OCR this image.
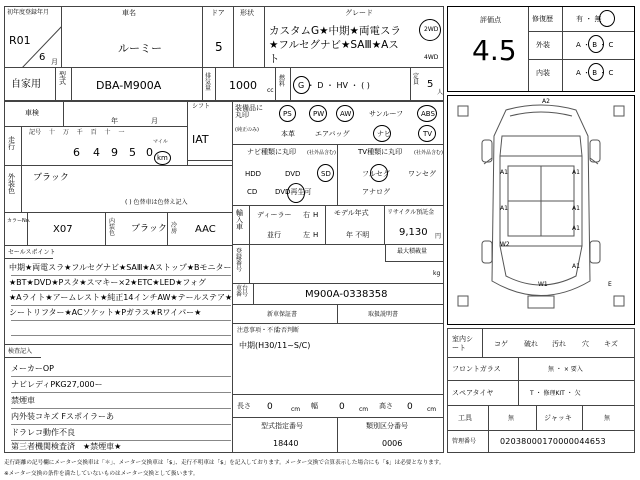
初年度登録年月
R01
6 月
車名
ルーミー
ドア
5
形状	グレード
カスタムG★中期★両電スラ★フルセグナビ★SAⅢ★Aスト
2WD
4WD
自家用
型式	DBA-M900A
排気量 1000 cc
燃料 G ・ D ・ HV ・ ( )
定員 5
人
評価点
4.5
修復歴	有 ・ 無
外装	A ・ B ・ C
内装	A ・ B ・ C
車検
年	月
シフト
IAT
走行
記号 十 万 千 百 十 一
6 4 9 5 0
マイル
km
外装色
ブラック
( ) 色替車は色替え記入
カラーNo.
X07
内装色 ブラック 冷房 AAC
装備品に丸印
(純正のみ)
PS	PW AW	サンルーフ	ABS
本革	エアバッグ	ナビ	TV
ナビ種類に丸印 (社外品含む)
HDD	DVD	SD
CD	DVD再生可
TV種類に丸印 (社外品含む)
フルセグ	ワンセグ
アナログ
輸入車
ディーラー
並行
右 H
左 H
モデル年式
年 不明
リサイクル預託金
9,130 円
登録番号
最大積載量
kg
車台番号	M900A-0338358
新車保証書	取扱説明書
注意事項・不良
合否判断
中期(H30/11~S/C)
セールスポイント
中期★両電スラ★フルセグナビ★SAⅢ★Aストップ★Bモニター
★BT★DVD★Pスタ★スマキー×2★ETC★LED★フォグ
★Aライト★アームレスト★純正14インチAW★テールステア★
シートリフター★ACソケット★Pガラス★Rワイパー★
検査記入
メーカーOP
ナビレディPKG27,000ー
禁煙車
内外装コキズ Fスポイラーあ
ドラレコ動作不良
第三者機関検査済　★禁煙車★
長さ 0	cm 幅 0 cm 高さ 0 cm
型式指定番号
18440
類別区分番号
0006
A2
A1	A1
A1	A1
A1
W2
A1
W1	E
室内シート
コゲ 破れ 汚れ 穴 キズ
フロントガラス	無 ・ × 要入
スペアタイヤ	T ・ 修理KIT ・ 欠
工具	無	ジャッキ	無
管理番号	02038000170000044653
走行距離の記号欄にメーター交換車は「＊」、メーター交換車は「$」、走行不明車は「$」を記入しております。メーター交換で合算表示した場合にも「$」は必要となります。
※メーター交換の条件を満たしていないものはメーター交換として扱います。
